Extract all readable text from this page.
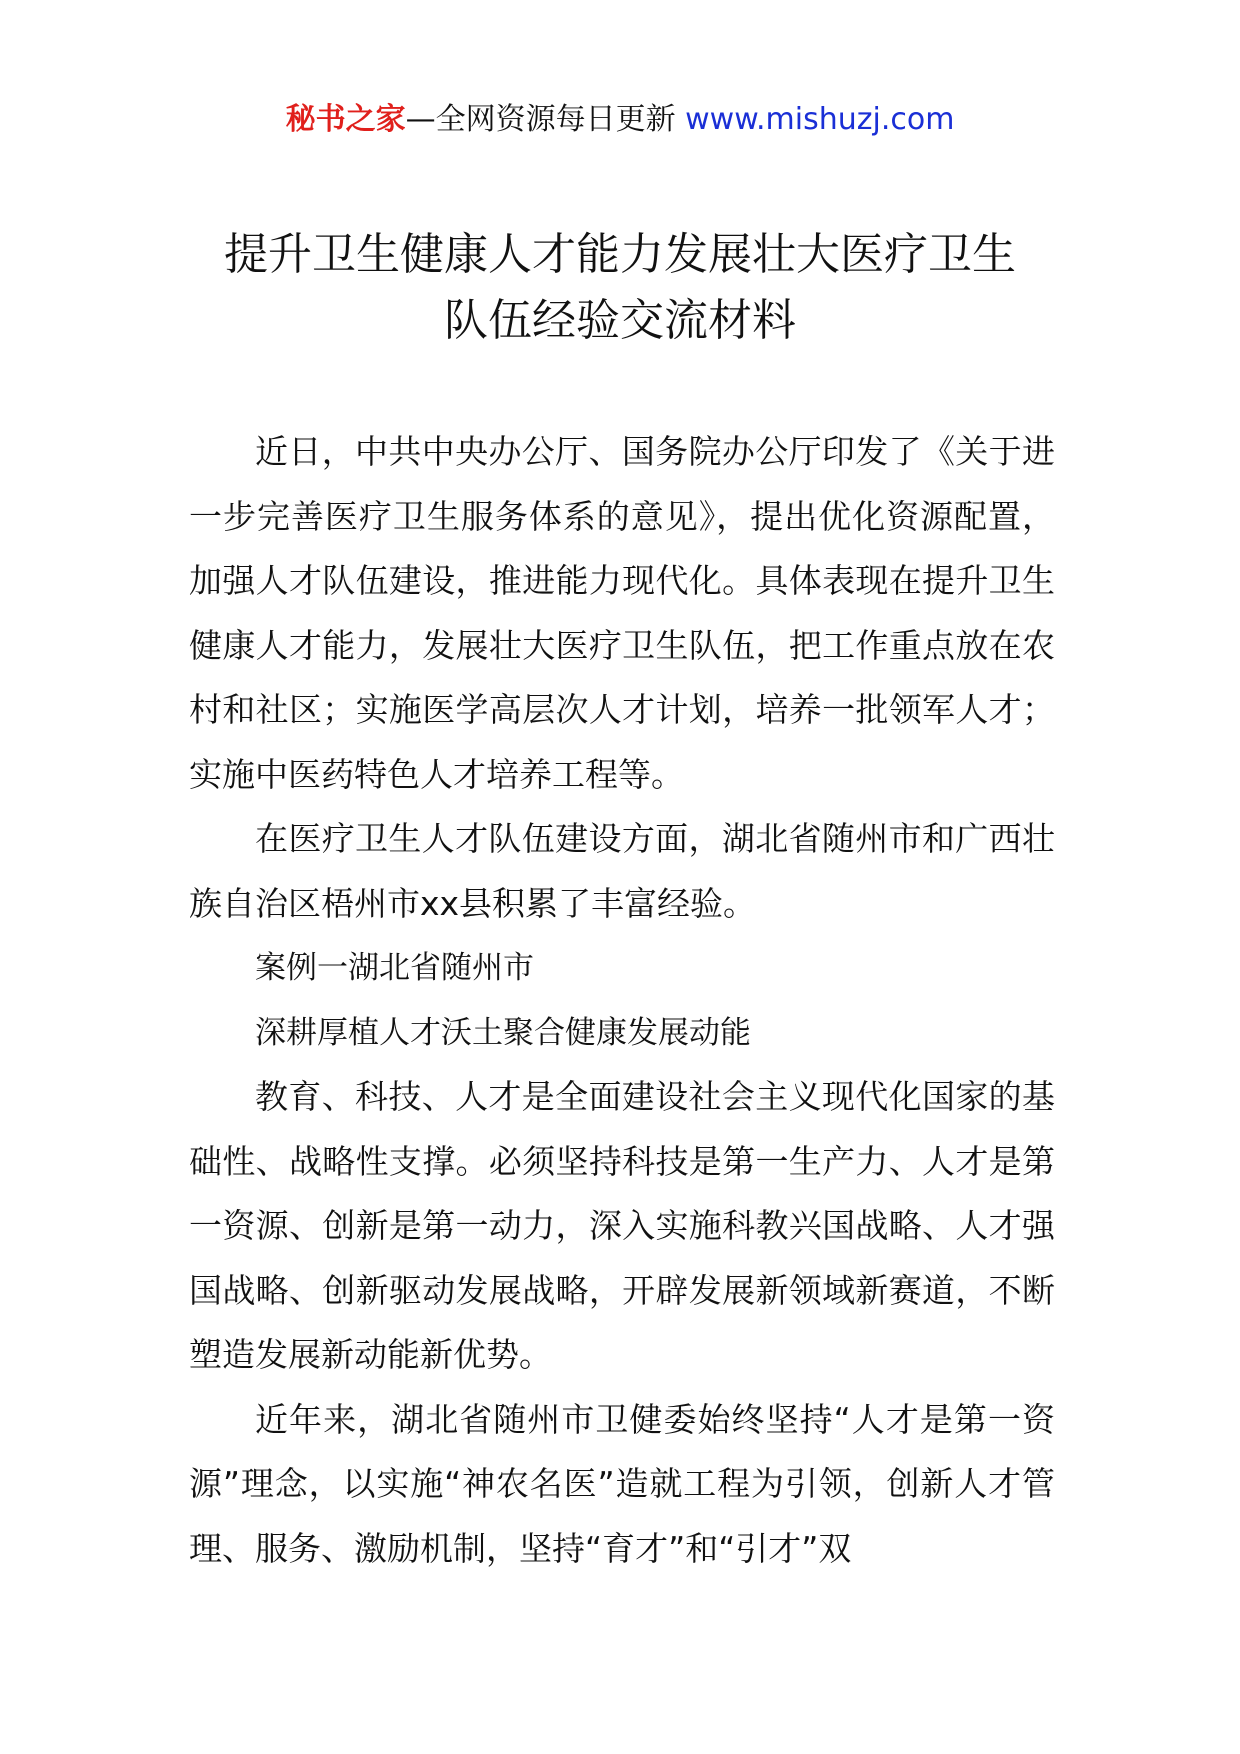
秘书之家—全网资源每日更新 www.mishuzj.com
提升卫生健康人才能力发展壮大医疗卫生
队伍经验交流材料

近日，中共中央办公厅、国务院办公厅印发了《关于进一步完善医疗卫生服务体系的意见》，提出优化资源配置，加强人才队伍建设，推进能力现代化。具体表现在提升卫生健康人才能力，发展壮大医疗卫生队伍，把工作重点放在农村和社区；实施医学高层次人才计划，培养一批领军人才；实施中医药特色人才培养工程等。

在医疗卫生人才队伍建设方面，湖北省随州市和广西壮族自治区梧州市xx县积累了丰富经验。

案例一湖北省随州市

深耕厚植人才沃土聚合健康发展动能

教育、科技、人才是全面建设社会主义现代化国家的基础性、战略性支撑。必须坚持科技是第一生产力、人才是第一资源、创新是第一动力，深入实施科教兴国战略、人才强国战略、创新驱动发展战略，开辟发展新领域新赛道，不断塑造发展新动能新优势。

近年来，湖北省随州市卫健委始终坚持“人才是第一资源”理念，以实施“神农名医”造就工程为引领，创新人才管理、服务、激励机制，坚持“育才”和“引才”双
